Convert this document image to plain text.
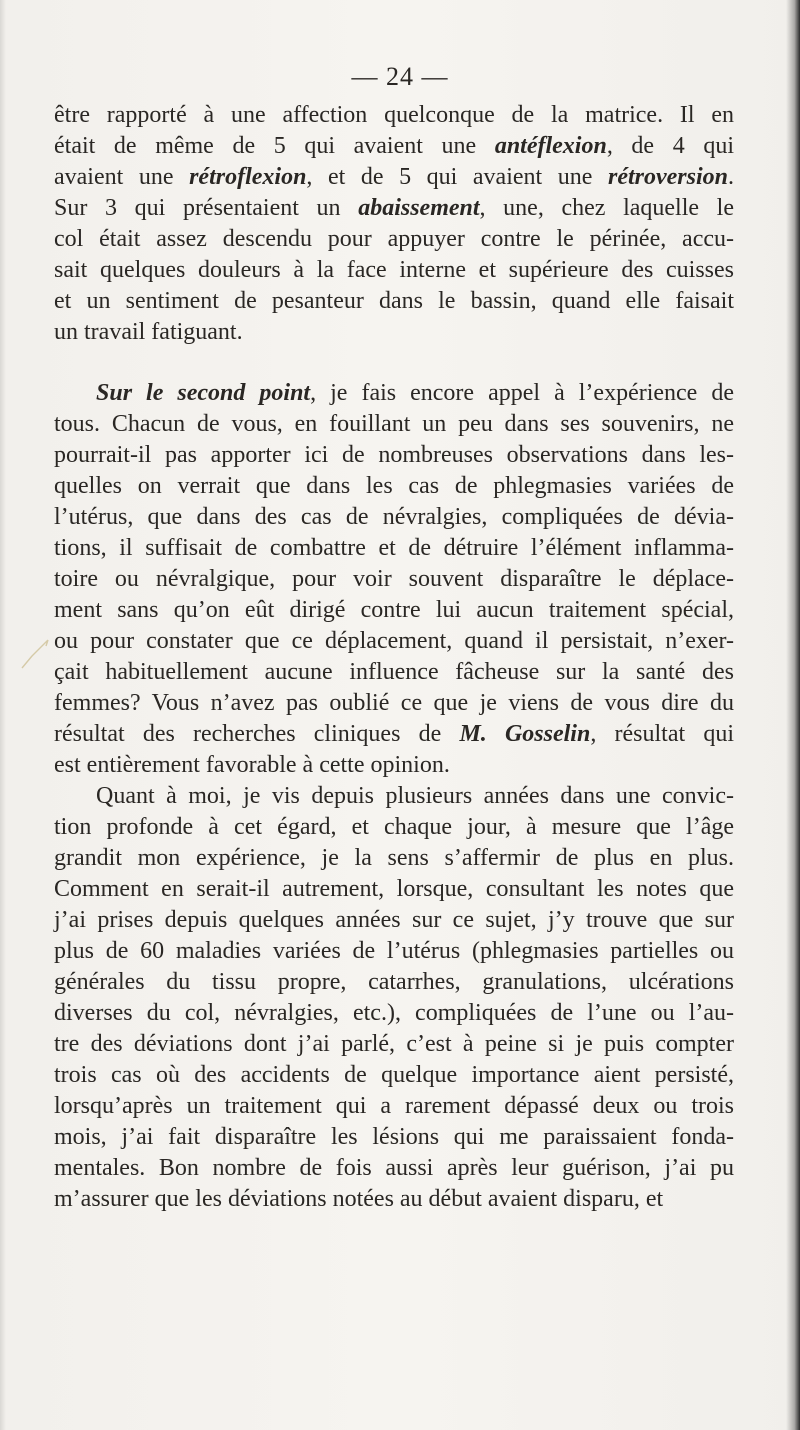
— 24 —
être rapporté à une affection quelconque de la matrice. Il en
était de même de 5 qui avaient une antéflexion, de 4 qui
avaient une rétroflexion, et de 5 qui avaient une rétroversion.
Sur 3 qui présentaient un abaissement, une, chez laquelle le
col était assez descendu pour appuyer contre le périnée, accu-
sait quelques douleurs à la face interne et supérieure des cuisses
et un sentiment de pesanteur dans le bassin, quand elle faisait
un travail fatiguant.
Sur le second point, je fais encore appel à l’expérience de
tous. Chacun de vous, en fouillant un peu dans ses souvenirs, ne
pourrait-il pas apporter ici de nombreuses observations dans les-
quelles on verrait que dans les cas de phlegmasies variées de
l’utérus, que dans des cas de névralgies, compliquées de dévia-
tions, il suffisait de combattre et de détruire l’élément inflamma-
toire ou névralgique, pour voir souvent disparaître le déplace-
ment sans qu’on eût dirigé contre lui aucun traitement spécial,
ou pour constater que ce déplacement, quand il persistait, n’exer-
çait habituellement aucune influence fâcheuse sur la santé des
femmes? Vous n’avez pas oublié ce que je viens de vous dire du
résultat des recherches cliniques de M. Gosselin, résultat qui
est entièrement favorable à cette opinion.
Quant à moi, je vis depuis plusieurs années dans une convic-
tion profonde à cet égard, et chaque jour, à mesure que l’âge
grandit mon expérience, je la sens s’affermir de plus en plus.
Comment en serait-il autrement, lorsque, consultant les notes que
j’ai prises depuis quelques années sur ce sujet, j’y trouve que sur
plus de 60 maladies variées de l’utérus (phlegmasies partielles ou
générales du tissu propre, catarrhes, granulations, ulcérations
diverses du col, névralgies, etc.), compliquées de l’une ou l’au-
tre des déviations dont j’ai parlé, c’est à peine si je puis compter
trois cas où des accidents de quelque importance aient persisté,
lorsqu’après un traitement qui a rarement dépassé deux ou trois
mois, j’ai fait disparaître les lésions qui me paraissaient fonda-
mentales. Bon nombre de fois aussi après leur guérison, j’ai pu
m’assurer que les déviations notées au début avaient disparu, et
